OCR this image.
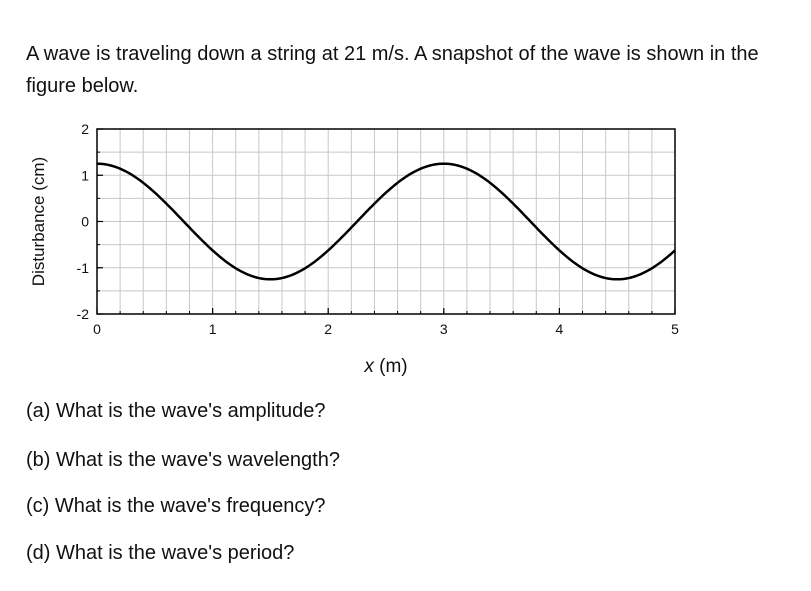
A wave is traveling down a string at 21 m/s. A snapshot of the wave is shown in the figure below.

0	1	2	3	4	5
2
1
0
-1
-2
x (m)
Disturbance (cm)

(a) What is the wave's amplitude?

(b) What is the wave's wavelength?

(c) What is the wave's frequency?

(d) What is the wave's period?
